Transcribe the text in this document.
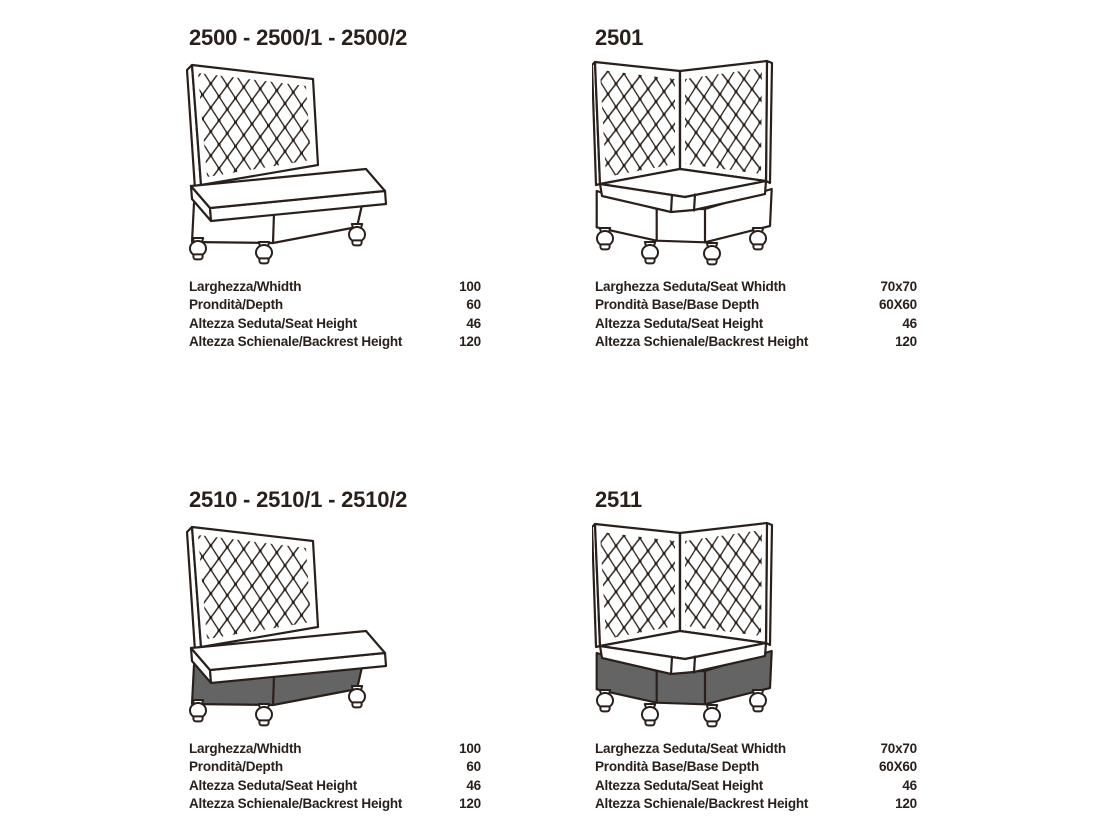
2500 - 2500/1 - 2500/2
Larghezza/Whidth	100
Prondità/Depth	60
Altezza Seduta/Seat Height	46
Altezza Schienale/Backrest Height	120
2501
Larghezza Seduta/Seat Whidth	70x70
Prondità Base/Base Depth	60X60
Altezza Seduta/Seat Height	46
Altezza Schienale/Backrest Height	120
2510 - 2510/1 - 2510/2
Larghezza/Whidth	100
Prondità/Depth	60
Altezza Seduta/Seat Height	46
Altezza Schienale/Backrest Height	120
2511
Larghezza Seduta/Seat Whidth	70x70
Prondità Base/Base Depth	60X60
Altezza Seduta/Seat Height	46
Altezza Schienale/Backrest Height	120
